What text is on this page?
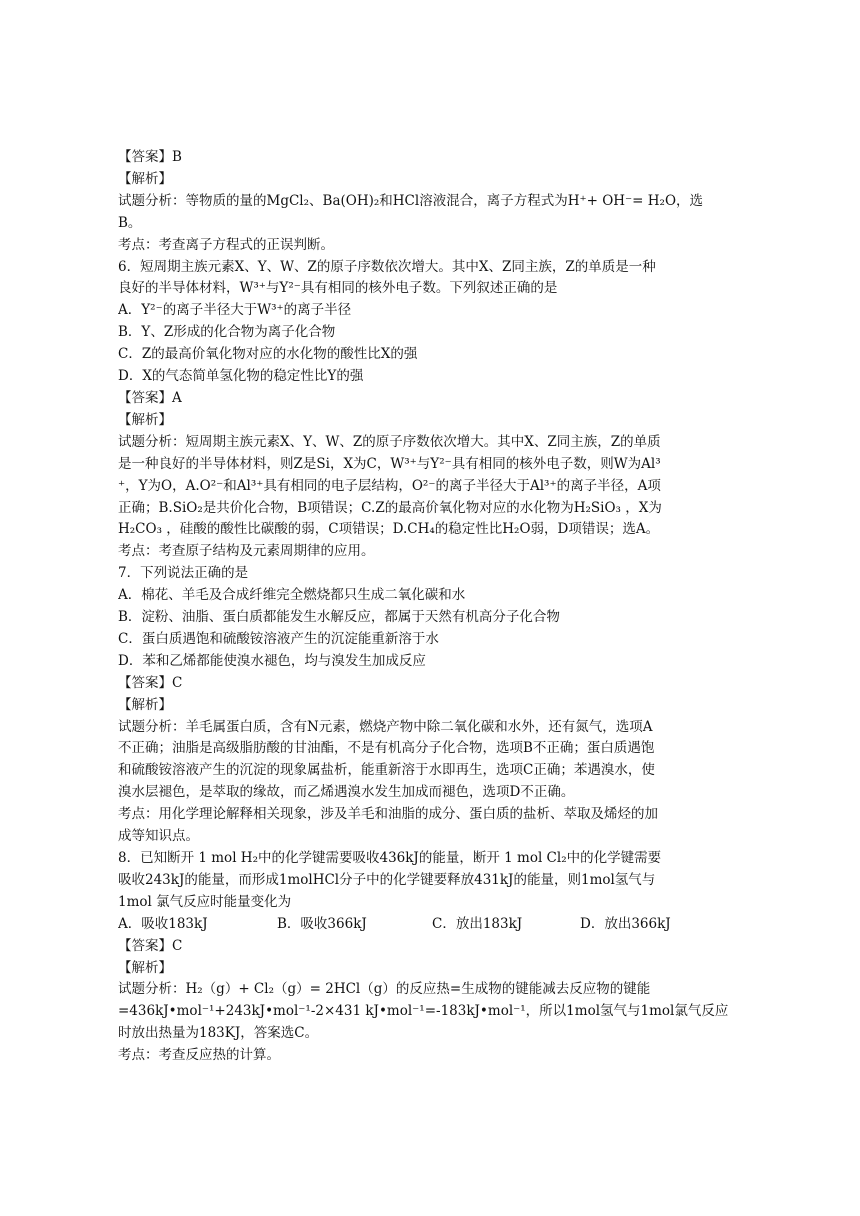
【答案】B
【解析】
试题分析：等物质的量的MgCl₂、Ba(OH)₂和HCl溶液混合，离子方程式为H⁺+ OH⁻= H₂O，选
B。
考点：考查离子方程式的正误判断。
6．短周期主族元素X、Y、W、Z的原子序数依次增大。其中X、Z同主族，Z的单质是一种
良好的半导体材料，W³⁺与Y²⁻具有相同的核外电子数。下列叙述正确的是
A．Y²⁻的离子半径大于W³⁺的离子半径
B．Y、Z形成的化合物为离子化合物
C．Z的最高价氧化物对应的水化物的酸性比X的强
D．X的气态简单氢化物的稳定性比Y的强
【答案】A
【解析】
试题分析：短周期主族元素X、Y、W、Z的原子序数依次增大。其中X、Z同主族，Z的单质
是一种良好的半导体材料，则Z是Si，X为C，W³⁺与Y²⁻具有相同的核外电子数，则W为Al³
⁺，Y为O，A.O²⁻和Al³⁺具有相同的电子层结构，O²⁻的离子半径大于Al³⁺的离子半径，A项
正确；B.SiO₂是共价化合物，B项错误；C.Z的最高价氧化物对应的水化物为H₂SiO₃ ，X为
H₂CO₃ ，硅酸的酸性比碳酸的弱，C项错误；D.CH₄的稳定性比H₂O弱，D项错误；选A。
考点：考查原子结构及元素周期律的应用。
7．下列说法正确的是
A．棉花、羊毛及合成纤维完全燃烧都只生成二氧化碳和水
B．淀粉、油脂、蛋白质都能发生水解反应，都属于天然有机高分子化合物
C．蛋白质遇饱和硫酸铵溶液产生的沉淀能重新溶于水
D．苯和乙烯都能使溴水褪色，均与溴发生加成反应
【答案】C
【解析】
试题分析：羊毛属蛋白质，含有N元素，燃烧产物中除二氧化碳和水外，还有氮气，选项A
不正确；油脂是高级脂肪酸的甘油酯，不是有机高分子化合物，选项B不正确；蛋白质遇饱
和硫酸铵溶液产生的沉淀的现象属盐析，能重新溶于水即再生，选项C正确；苯遇溴水，使
溴水层褪色，是萃取的缘故，而乙烯遇溴水发生加成而褪色，选项D不正确。
考点：用化学理论解释相关现象，涉及羊毛和油脂的成分、蛋白质的盐析、萃取及烯烃的加
成等知识点。
8．已知断开 1 mol H₂中的化学键需要吸收436kJ的能量，断开 1 mol Cl₂中的化学键需要
吸收243kJ的能量，而形成1molHCl分子中的化学键要释放431kJ的能量，则1mol氢气与
1mol 氯气反应时能量变化为
A．吸收183kJ	B．吸收366kJ	C．放出183kJ	D．放出366kJ
【答案】C
【解析】
试题分析：H₂（g）+ Cl₂（g）= 2HCl（g）的反应热=生成物的键能减去反应物的键能
=436kJ•mol⁻¹+243kJ•mol⁻¹-2×431 kJ•mol⁻¹=-183kJ•mol⁻¹，所以1mol氢气与1mol氯气反应
时放出热量为183KJ，答案选C。
考点：考查反应热的计算。
